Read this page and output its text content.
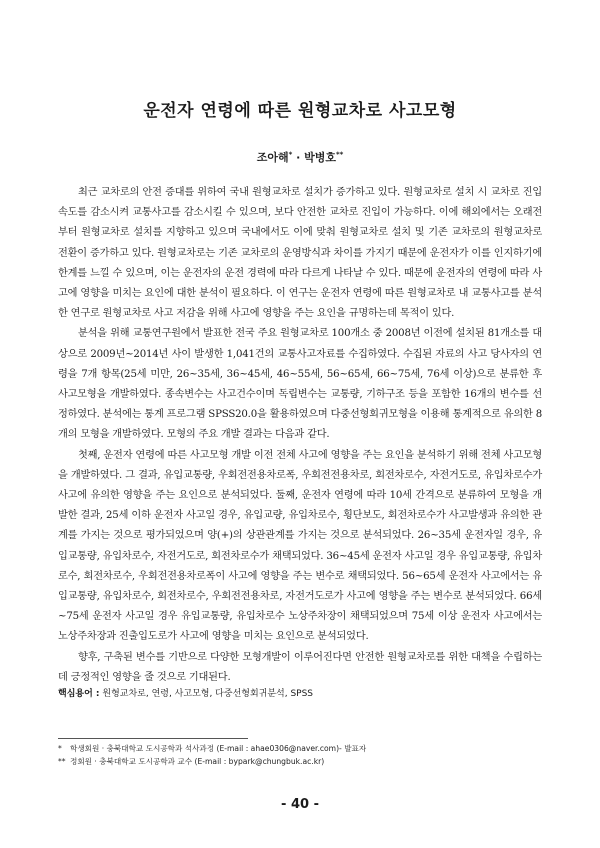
운전자 연령에 따른 원형교차로 사고모형
조아해* · 박병호**

최근 교차로의 안전 증대를 위하여 국내 원형교차로 설치가 증가하고 있다. 원형교차로 설치 시 교차로 진입속도를 감소시켜 교통사고를 감소시킬 수 있으며, 보다 안전한 교차로 진입이 가능하다. 이에 해외에서는 오래전부터 원형교차로 설치를 지향하고 있으며 국내에서도 이에 맞춰 원형교차로 설치 및 기존 교차로의 원형교차로 전환이 증가하고 있다. 원형교차로는 기존 교차로의 운영방식과 차이를 가지기 때문에 운전자가 이를 인지하기에 한계를 느낄 수 있으며, 이는 운전자의 운전 경력에 따라 다르게 나타날 수 있다. 때문에 운전자의 연령에 따라 사고에 영향을 미치는 요인에 대한 분석이 필요하다. 이 연구는 운전자 연령에 따른 원형교차로 내 교통사고를 분석한 연구로 원형교차로 사고 저감을 위해 사고에 영향을 주는 요인을 규명하는데 목적이 있다.

분석을 위해 교통연구원에서 발표한 전국 주요 원형교차로 100개소 중 2008년 이전에 설치된 81개소를 대상으로 2009년~2014년 사이 발생한 1,041건의 교통사고자료를 수집하였다. 수집된 자료의 사고 당사자의 연령을 7개 항목(25세 미만, 26~35세, 36~45세, 46~55세, 56~65세, 66~75세, 76세 이상)으로 분류한 후 사고모형을 개발하였다. 종속변수는 사고건수이며 독립변수는 교통량, 기하구조 등을 포함한 16개의 변수를 선정하였다. 분석에는 통계 프로그램 SPSS20.0을 활용하였으며 다중선형회귀모형을 이용해 통계적으로 유의한 8개의 모형을 개발하였다. 모형의 주요 개발 결과는 다음과 같다.

첫째, 운전자 연령에 따른 사고모형 개발 이전 전체 사고에 영향을 주는 요인을 분석하기 위해 전체 사고모형을 개발하였다. 그 결과, 유입교통량, 우회전전용차로폭, 우회전전용차로, 회전차로수, 자전거도로, 유입차로수가 사고에 유의한 영향을 주는 요인으로 분석되었다. 둘째, 운전자 연령에 따라 10세 간격으로 분류하여 모형을 개발한 결과, 25세 이하 운전자 사고일 경우, 유입교량, 유입차로수, 횡단보도, 회전차로수가 사고발생과 유의한 관계를 가지는 것으로 평가되었으며 양(+)의 상관관계를 가지는 것으로 분석되었다. 26~35세 운전자일 경우, 유입교통량, 유입차로수, 자전거도로, 회전차로수가 채택되었다. 36~45세 운전자 사고일 경우 유입교통량, 유입차로수, 회전차로수, 우회전전용차로폭이 사고에 영향을 주는 변수로 채택되었다. 56~65세 운전자 사고에서는 유입교통량, 유입차로수, 회전차로수, 우회전전용차로, 자전거도로가 사고에 영향을 주는 변수로 분석되었다. 66세~75세 운전자 사고일 경우 유입교통량, 유입차로수 노상주차장이 채택되었으며 75세 이상 운전자 사고에서는 노상주차장과 진출입도로가 사고에 영향을 미치는 요인으로 분석되었다.

향후, 구축된 변수를 기반으로 다양한 모형개발이 이루어진다면 안전한 원형교차로를 위한 대책을 수립하는데 긍정적인 영향을 줄 것으로 기대된다.

핵심용어 : 원형교차로, 연령, 사고모형, 다중선형회귀분석, SPSS
* 학생회원 · 충북대학교 도시공학과 석사과정 (E-mail : ahae0306@naver.com)- 발표자
** 정회원 · 충북대학교 도시공학과 교수 (E-mail : bypark@chungbuk.ac.kr)
- 40 -
